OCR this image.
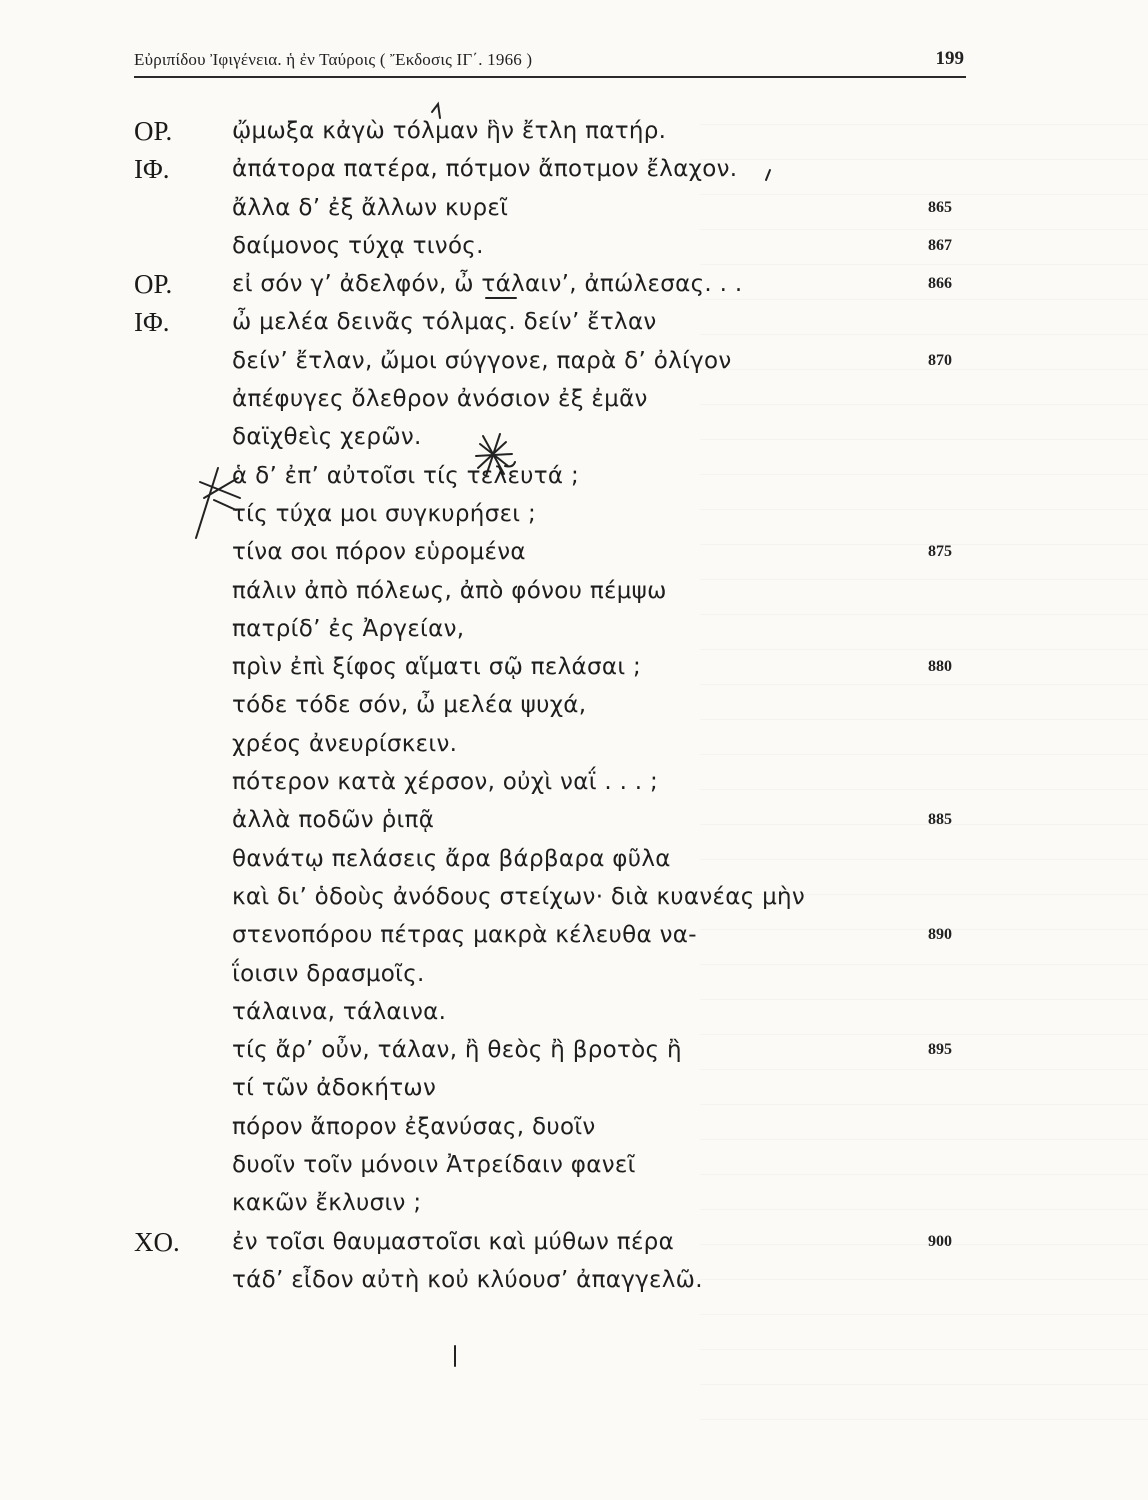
Εὐριπίδου Ἰφιγένεια. ἡ ἐν Ταύροις ( Ἔκδοσις ΙΓ΄. 1966 )	199
ΟΡ.	ᾤμωξα κἀγὼ τόλμαν ἣν ἔτλη πατήρ.
ΙΦ.	ἀπάτορα πατέρα, πότμον ἄποτμον ἔλαχον.
ἄλλα δ’ ἐξ ἄλλων κυρεῖ	865
δαίμονος τύχᾳ τινός.	867
ΟΡ.	εἰ σόν γ’ ἀδελφόν, ὦ τάλαιν’, ἀπώλεσας. . .	866
ΙΦ.	ὦ μελέα δεινᾶς τόλμας. δείν’ ἔτλαν
δείν’ ἔτλαν, ὤμοι σύγγονε, παρὰ δ’ ὀλίγον	870
ἀπέφυγες ὄλεθρον ἀνόσιον ἐξ ἐμᾶν
δαϊχθεὶς χερῶν.
ἁ δ’ ἐπ’ αὐτοῖσι τίς τελευτά ;
τίς τύχα μοι συγκυρήσει ;
τίνα σοι πόρον εὑρομένα	875
πάλιν ἀπὸ πόλεως, ἀπὸ φόνου πέμψω
πατρίδ’ ἐς Ἀργείαν,
πρὶν ἐπὶ ξίφος αἵματι σῷ πελάσαι ;	880
τόδε τόδε σόν, ὦ μελέα ψυχά,
χρέος ἀνευρίσκειν.
πότερον κατὰ χέρσον, οὐχὶ ναΐ . . . ;
ἀλλὰ ποδῶν ῥιπᾷ	885
θανάτῳ πελάσεις ἄρα βάρβαρα φῦλα
καὶ δι’ ὁδοὺς ἀνόδους στείχων· διὰ κυανέας μὴν
στενοπόρου πέτρας μακρὰ κέλευθα να-	890
ΐοισιν δρασμοῖς.
τάλαινα, τάλαινα.
τίς ἄρ’ οὖν, τάλαν, ἢ θεὸς ἢ βροτὸς ἢ	895
τί τῶν ἀδοκήτων
πόρον ἄπορον ἐξανύσας, δυοῖν
δυοῖν τοῖν μόνοιν Ἀτρείδαιν φανεῖ
κακῶν ἔκλυσιν ;
ΧΟ. ἐν τοῖσι θαυμαστοῖσι καὶ μύθων πέρα	900
τάδ’ εἶδον αὐτὴ κοὐ κλύουσ’ ἀπαγγελῶ.
